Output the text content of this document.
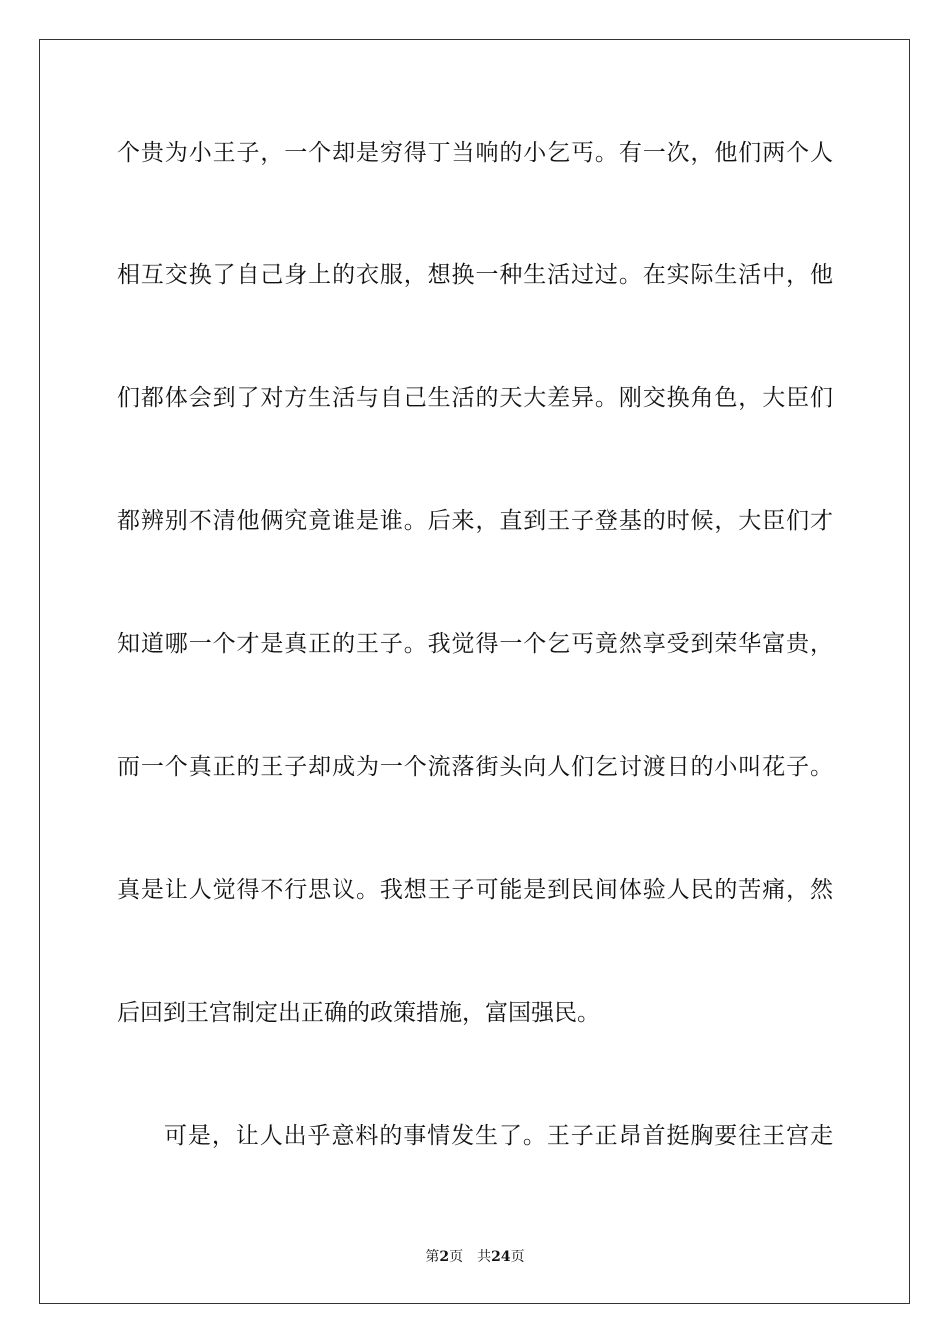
个贵为小王子，一个却是穷得丁当响的小乞丐。有一次，他们两个人
相互交换了自己身上的衣服，想换一种生活过过。在实际生活中，他
们都体会到了对方生活与自己生活的天大差异。刚交换角色，大臣们
都辨别不清他俩究竟谁是谁。后来，直到王子登基的时候，大臣们才
知道哪一个才是真正的王子。我觉得一个乞丐竟然享受到荣华富贵，
而一个真正的王子却成为一个流落街头向人们乞讨渡日的小叫花子。
真是让人觉得不行思议。我想王子可能是到民间体验人民的苦痛，然
后回到王宫制定出正确的政策措施，富国强民。
可是，让人出乎意料的事情发生了。王子正昂首挺胸要往王宫走
第2页 共24页
